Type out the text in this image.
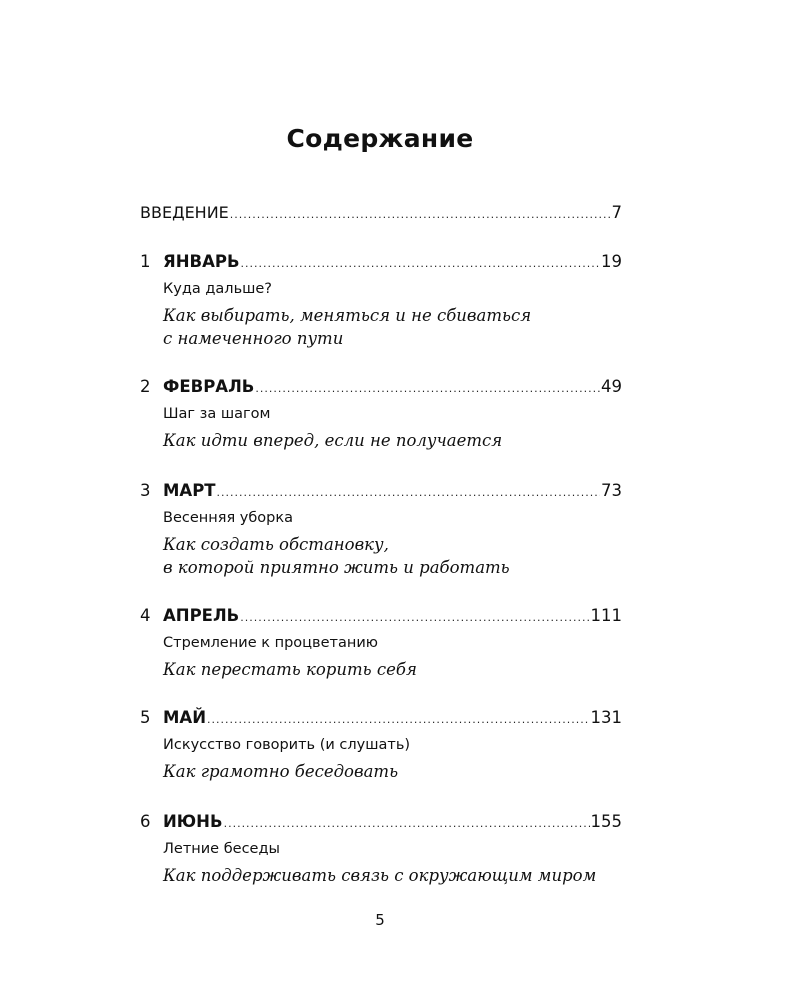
Содержание
ВВЕДЕНИЕ .....	7
1 ЯНВАРЬ .....	19
Куда дальше?
Как выбирать, меняться и не сбиваться
с намеченного пути
2 ФЕВРАЛЬ .....	49
Шаг за шагом
Как идти вперед, если не получается
3 МАРТ .....	73
Весенняя уборка
Как создать обстановку,
в которой приятно жить и работать
4 АПРЕЛЬ .....	111
Стремление к процветанию
Как перестать корить себя
5 МАЙ .....	131
Искусство говорить (и слушать)
Как грамотно беседовать
6 ИЮНЬ .....	155
Летние беседы
Как поддерживать связь с окружающим миром
5
